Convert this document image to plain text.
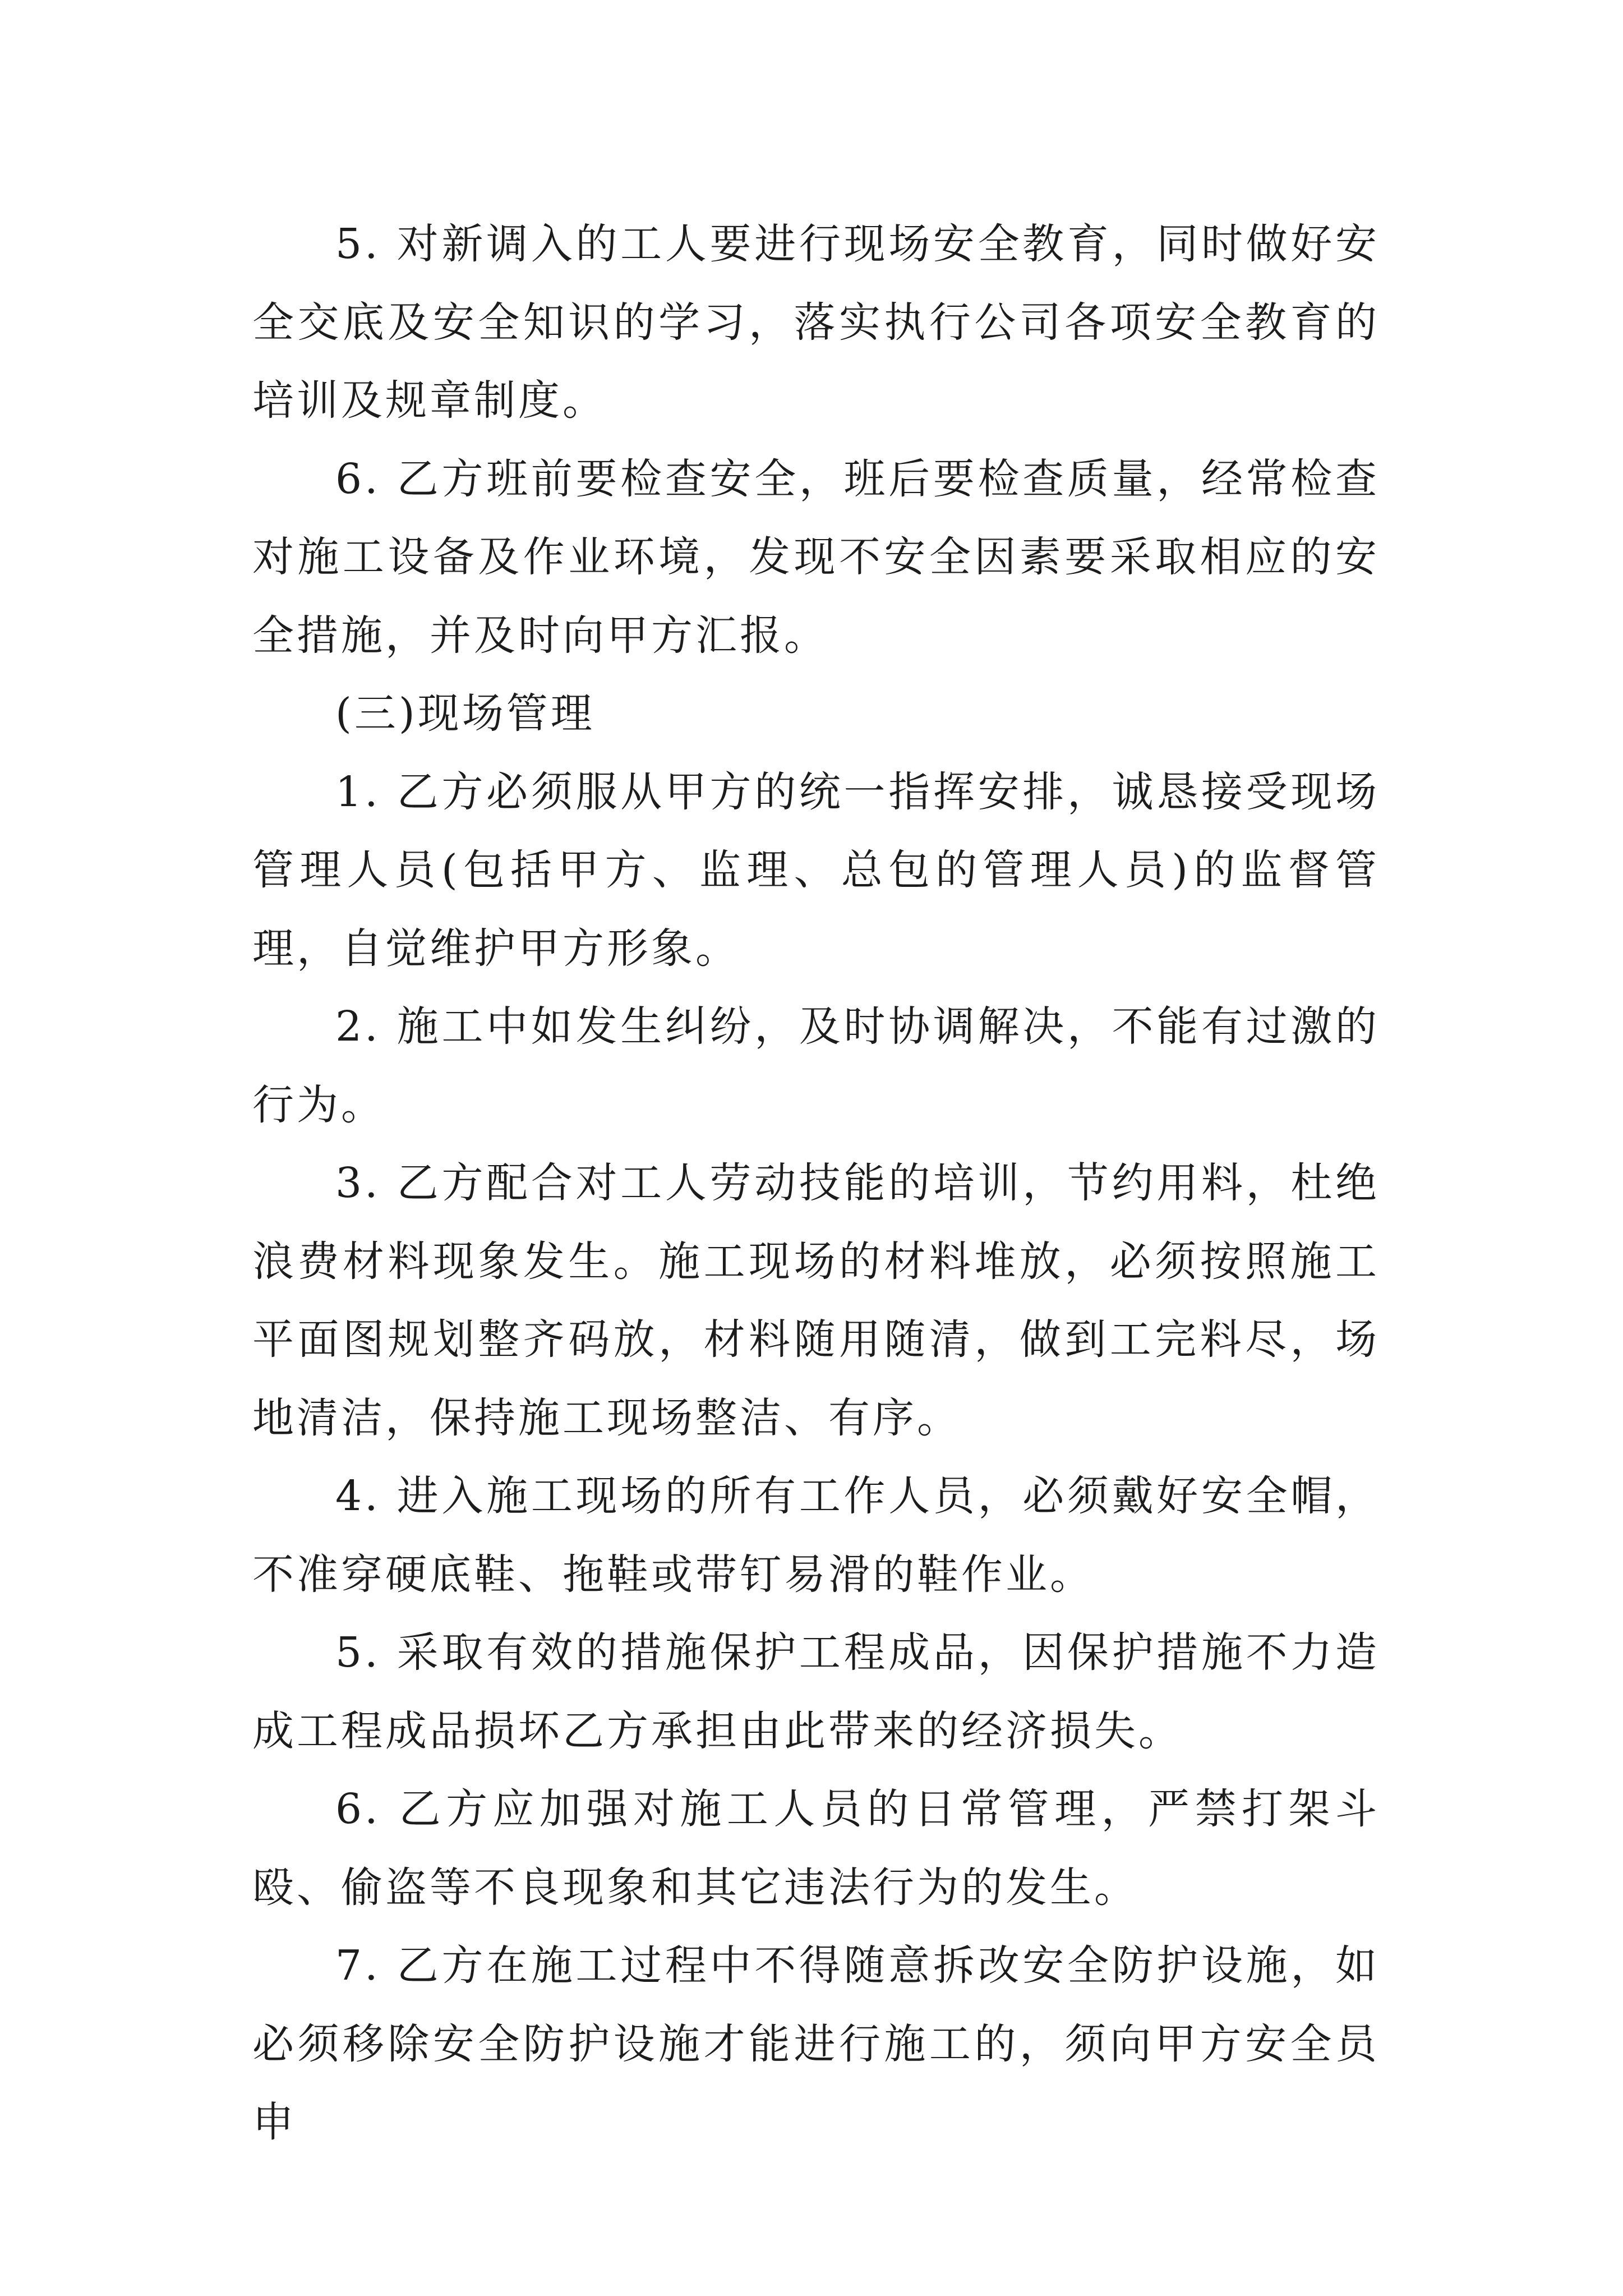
5. 对新调入的工人要进行现场安全教育，同时做好安全交底及安全知识的学习，落实执行公司各项安全教育的培训及规章制度。

6. 乙方班前要检查安全，班后要检查质量，经常检查对施工设备及作业环境，发现不安全因素要采取相应的安全措施，并及时向甲方汇报。

(三)现场管理

1. 乙方必须服从甲方的统一指挥安排，诚恳接受现场管理人员(包括甲方、监理、总包的管理人员)的监督管理，自觉维护甲方形象。

2. 施工中如发生纠纷，及时协调解决，不能有过激的行为。

3. 乙方配合对工人劳动技能的培训，节约用料，杜绝浪费材料现象发生。施工现场的材料堆放，必须按照施工平面图规划整齐码放，材料随用随清，做到工完料尽，场地清洁，保持施工现场整洁、有序。

4. 进入施工现场的所有工作人员，必须戴好安全帽，不准穿硬底鞋、拖鞋或带钉易滑的鞋作业。

5. 采取有效的措施保护工程成品，因保护措施不力造成工程成品损坏乙方承担由此带来的经济损失。

6. 乙方应加强对施工人员的日常管理，严禁打架斗殴、偷盗等不良现象和其它违法行为的发生。

7. 乙方在施工过程中不得随意拆改安全防护设施，如必须移除安全防护设施才能进行施工的，须向甲方安全员申
